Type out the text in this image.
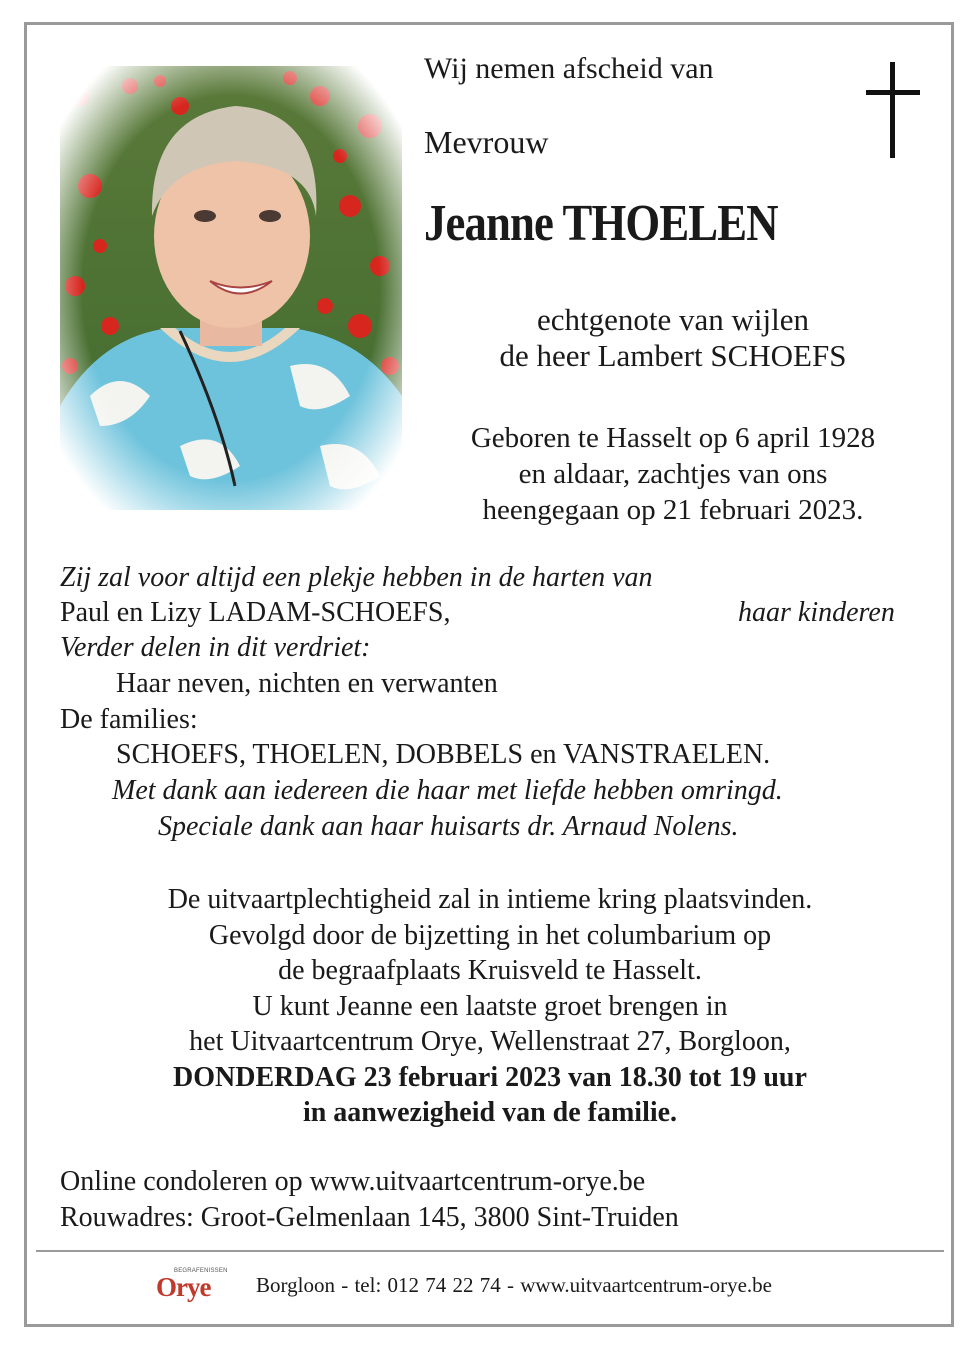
Wij nemen afscheid van
Mevrouw
Jeanne THOELEN
echtgenote van wijlen
de heer Lambert SCHOEFS
Geboren te Hasselt op 6 april 1928
en aldaar, zachtjes van ons
heengegaan op 21 februari 2023.
Zij zal voor altijd een plekje hebben in de harten van
Paul en Lizy LADAM-SCHOEFS,	haar kinderen
Verder delen in dit verdriet:
Haar neven, nichten en verwanten
De families:
SCHOEFS, THOELEN, DOBBELS en VANSTRAELEN.
Met dank aan iedereen die haar met liefde hebben omringd.
Speciale dank aan haar huisarts dr. Arnaud Nolens.
De uitvaartplechtigheid zal in intieme kring plaatsvinden.
Gevolgd door de bijzetting in het columbarium op
de begraafplaats Kruisveld te Hasselt.
U kunt Jeanne een laatste groet brengen in
het Uitvaartcentrum Orye, Wellenstraat 27, Borgloon,
DONDERDAG 23 februari 2023 van 18.30 tot 19 uur
in aanwezigheid van de familie.
Online condoleren op www.uitvaartcentrum-orye.be
Rouwadres: Groot-Gelmenlaan 145, 3800 Sint-Truiden
BEGRAFENISSEN
Orye Borgloon - tel: 012 74 22 74 - www.uitvaartcentrum-orye.be
